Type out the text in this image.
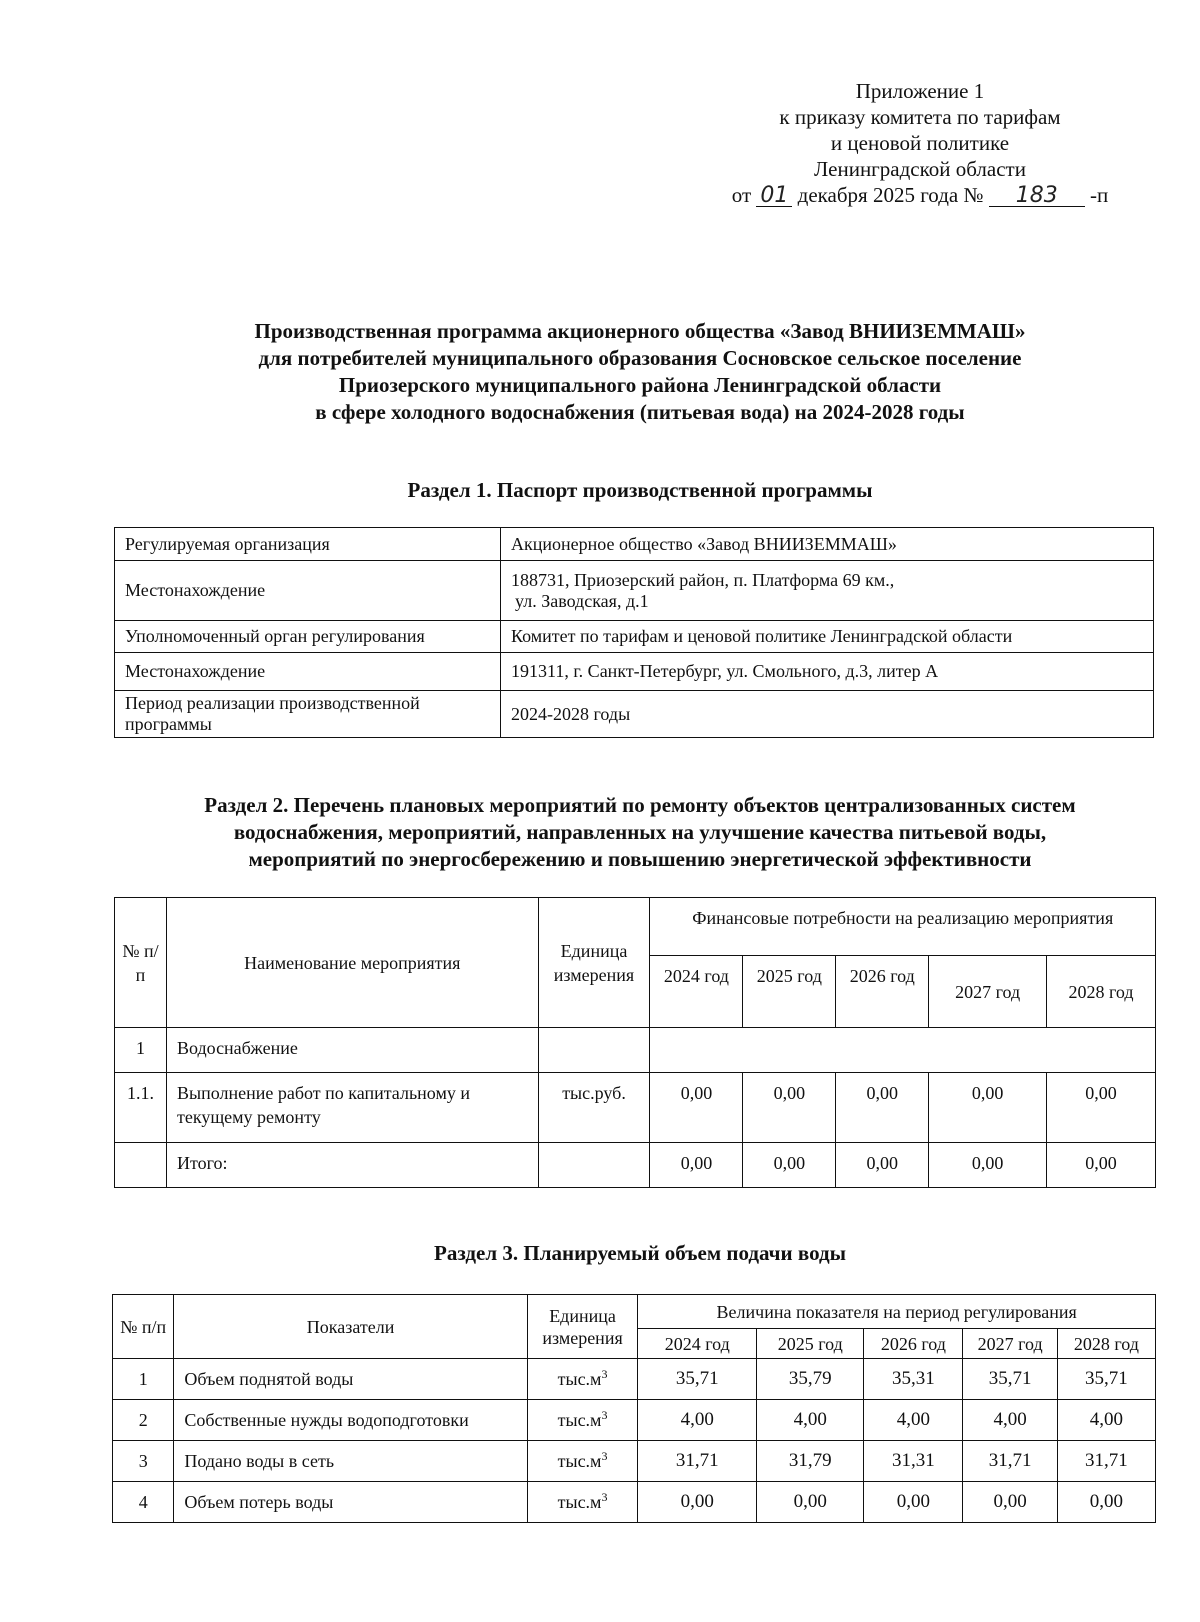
Приложение 1
к приказу комитета по тарифам
и ценовой политике
Ленинградской области
от 01 декабря 2025 года № 183 -п
Производственная программа акционерного общества «Завод ВНИИЗЕММАШ»
для потребителей муниципального образования Сосновское сельское поселение
Приозерского муниципального района Ленинградской области
в сфере холодного водоснабжения (питьевая вода) на 2024-2028 годы
Раздел 1. Паспорт производственной программы
Регулируемая организация	Акционерное общество «Завод ВНИИЗЕММАШ»
Местонахождение	188731, Приозерский район, п. Платформа 69 км.,
ул. Заводская, д.1

Уполномоченный орган регулирования	Комитет по тарифам и ценовой политике Ленинградской области
Местонахождение	191311, г. Санкт-Петербург, ул. Смольного, д.3, литер А
Период реализации производственной программы	2024-2028 годы
Раздел 2. Перечень плановых мероприятий по ремонту объектов централизованных систем
водоснабжения, мероприятий, направленных на улучшение качества питьевой воды,
мероприятий по энергосбережению и повышению энергетической эффективности
№ п/п	Наименование мероприятия	Единица измерения	Финансовые потребности на реализацию мероприятия				
			2024 год	2025 год	2026 год	2027 год	2028 год
1	Водоснабжение						
1.1.	Выполнение работ по капитальному и текущему ремонту	тыс.руб.	0,00	0,00	0,00	0,00	0,00
	Итого:		0,00	0,00	0,00	0,00	0,00
Раздел 3. Планируемый объем подачи воды
№ п/п	Показатели	Единица измерения	Величина показателя на период регулирования				
			2024 год	2025 год	2026 год	2027 год	2028 год
1	Объем поднятой воды	$тыс.м^3$	35,71	35,79	35,31	35,71	35,71
2	Собственные нужды водоподготовки	$тыс.м^3$	4,00	4,00	4,00	4,00	4,00
3	Подано воды в сеть	$тыс.м^3$	31,71	31,79	31,31	31,71	31,71
4	Объем потерь воды	$тыс.м^3$	0,00	0,00	0,00	0,00	0,00
